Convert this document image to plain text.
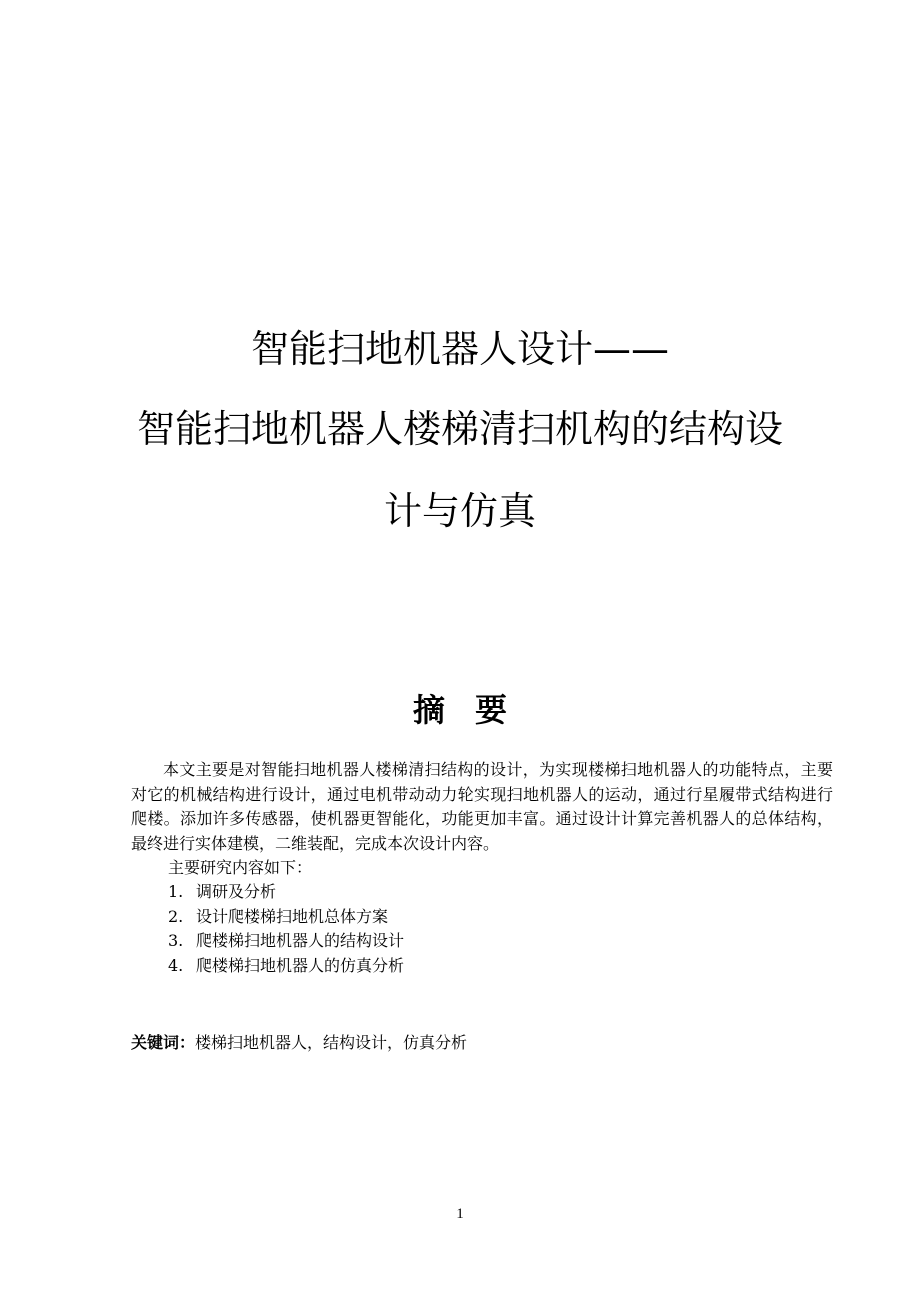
智能扫地机器人设计——
智能扫地机器人楼梯清扫机构的结构设
计与仿真
摘要

本文主要是对智能扫地机器人楼梯清扫结构的设计，为实现楼梯扫地机器人的功能特点，主要对它的机械结构进行设计，通过电机带动动力轮实现扫地机器人的运动，通过行星履带式结构进行爬楼。添加许多传感器，使机器更智能化，功能更加丰富。通过设计计算完善机器人的总体结构，最终进行实体建模，二维装配，完成本次设计内容。

主要研究内容如下：
1. 调研及分析
2. 设计爬楼梯扫地机总体方案
3. 爬楼梯扫地机器人的结构设计
4. 爬楼梯扫地机器人的仿真分析
关键词：楼梯扫地机器人，结构设计，仿真分析
1
